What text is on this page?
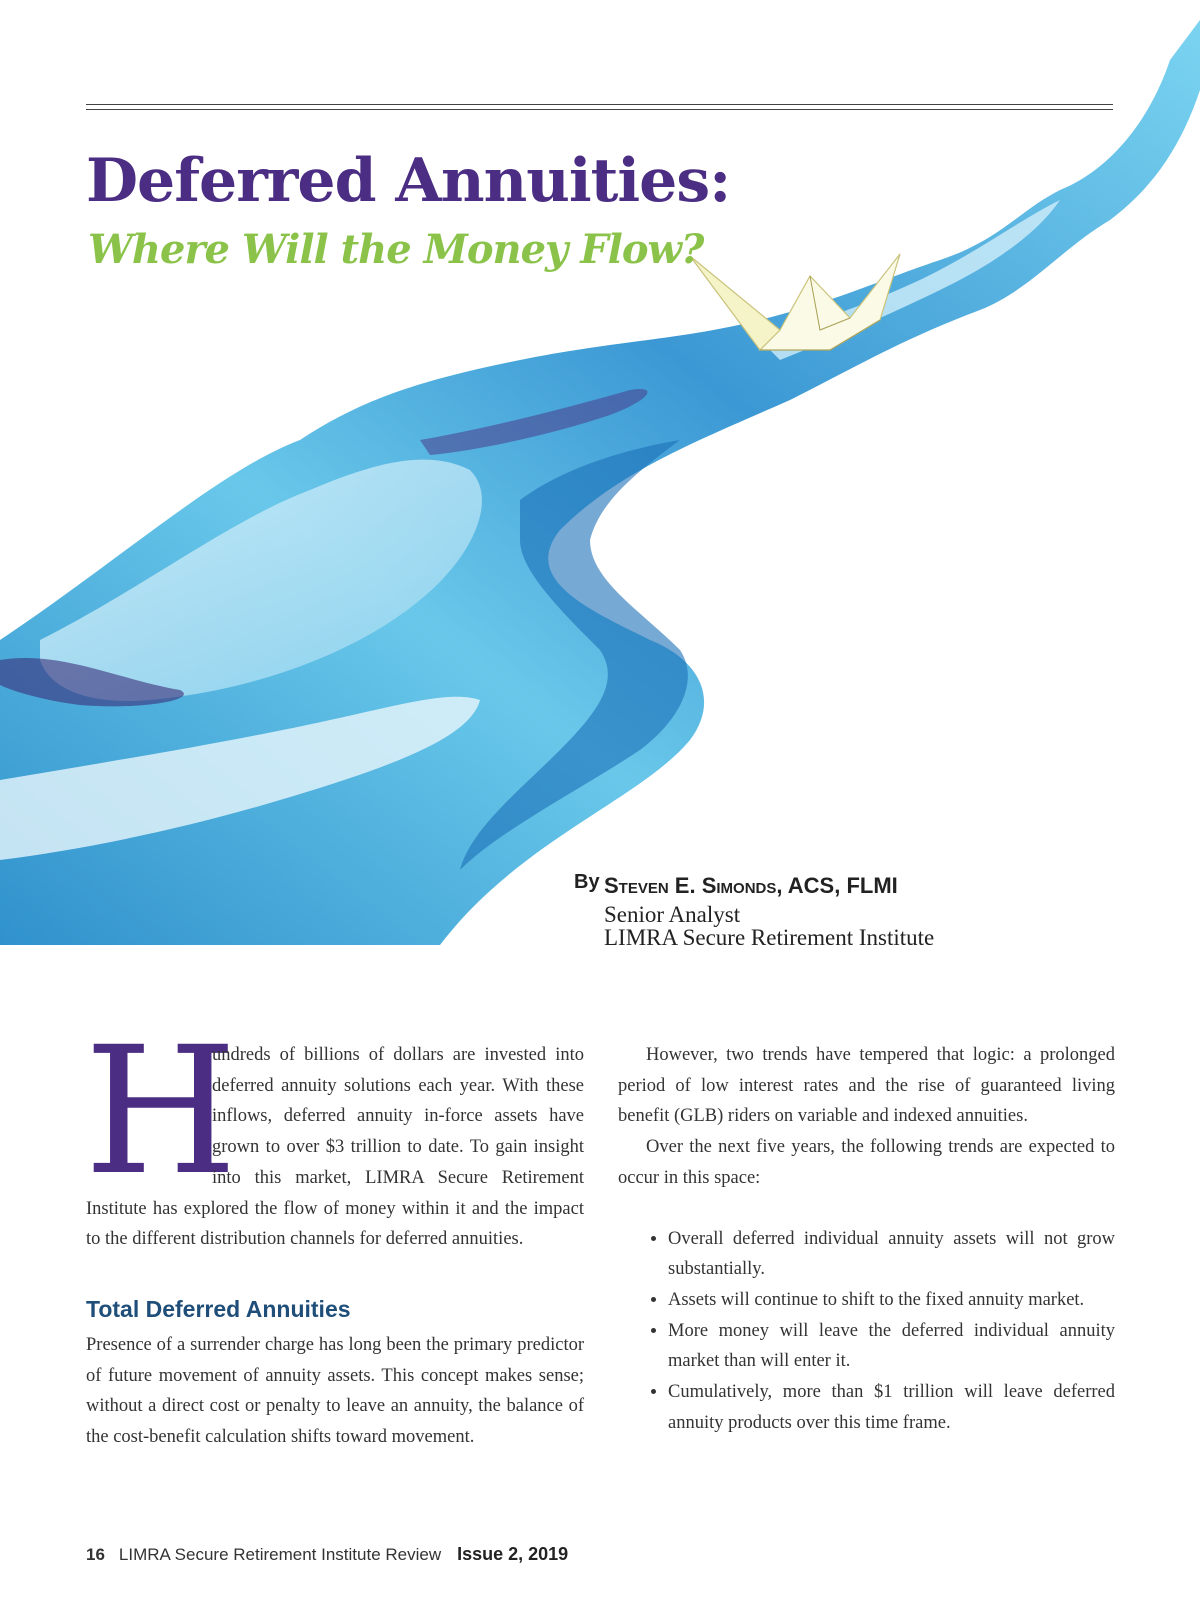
Deferred Annuities:
Where Will the Money Flow?
By Steven E. Simonds, ACS, FLMI
Senior Analyst
LIMRA Secure Retirement Institute

H
undreds of billions of dollars are invested into deferred annuity solutions each year. With these inflows, deferred annuity in-force assets have grown to over $3 trillion to date. To gain insight into this market, LIMRA Secure Retirement Institute has explored the flow of money within it and the impact to the different distribution channels for deferred annuities.

Total Deferred Annuities

Presence of a surrender charge has long been the primary predictor of future movement of annuity assets. This concept makes sense; without a direct cost or penalty to leave an annuity, the balance of the cost-benefit calculation shifts toward movement.

However, two trends have tempered that logic: a prolonged period of low interest rates and the rise of guaranteed living benefit (GLB) riders on variable and indexed annuities.

Over the next five years, the following trends are expected to occur in this space:

• Overall deferred individual annuity assets will not grow substantially.
• Assets will continue to shift to the fixed annuity market.
• More money will leave the deferred individual annuity market than will enter it.
• Cumulatively, more than $1 trillion will leave deferred annuity products over this time frame.
16 LIMRA Secure Retirement Institute Review Issue 2, 2019
